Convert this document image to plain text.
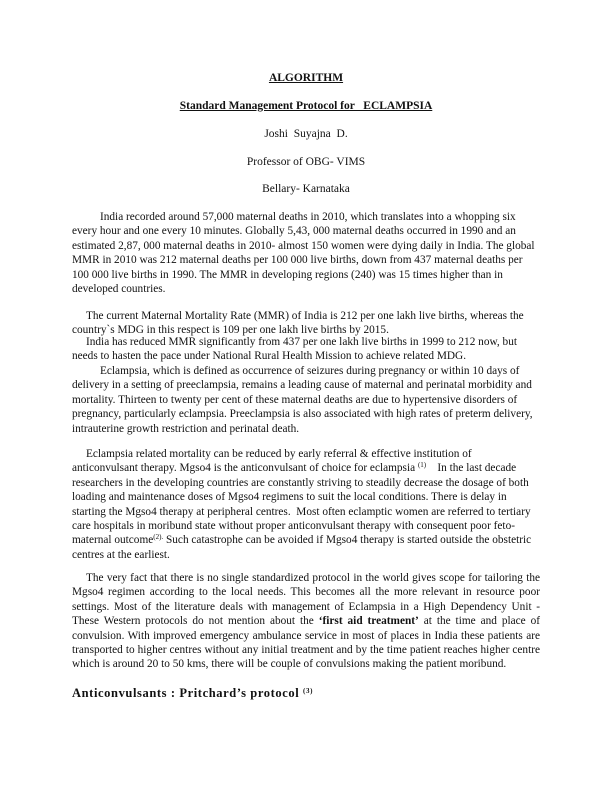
ALGORITHM
Standard Management Protocol for   ECLAMPSIA
Joshi  Suyajna  D.
Professor of OBG- VIMS
Bellary- Karnataka

India recorded around 57,000 maternal deaths in 2010, which translates into a whopping six every hour and one every 10 minutes. Globally 5,43, 000 maternal deaths occurred in 1990 and an estimated 2,87, 000 maternal deaths in 2010- almost 150 women were dying daily in India. The global MMR in 2010 was 212 maternal deaths per 100 000 live births, down from 437 maternal deaths per 100 000 live births in 1990. The MMR in developing regions (240) was 15 times higher than in developed countries.

The current Maternal Mortality Rate (MMR) of India is 212 per one lakh live births, whereas the country`s MDG in this respect is 109 per one lakh live births by 2015.

India has reduced MMR significantly from 437 per one lakh live births in 1999 to 212 now, but needs to hasten the pace under National Rural Health Mission to achieve related MDG.

Eclampsia, which is defined as occurrence of seizures during pregnancy or within 10 days of delivery in a setting of preeclampsia, remains a leading cause of maternal and perinatal morbidity and mortality. Thirteen to twenty per cent of these maternal deaths are due to hypertensive disorders of pregnancy, particularly eclampsia. Preeclampsia is also associated with high rates of preterm delivery, intrauterine growth restriction and perinatal death.

Eclampsia related mortality can be reduced by early referral & effective institution of anticonvulsant therapy. Mgso4 is the anticonvulsant of choice for eclampsia $^{(1)}$    In the last decade researchers in the developing countries are constantly striving to steadily decrease the dosage of both loading and maintenance doses of Mgso4 regimens to suit the local conditions. There is delay in starting the Mgso4 therapy at peripheral centres.  Most often eclamptic women are referred to tertiary care hospitals in moribund state without proper anticonvulsant therapy with consequent poor feto-maternal outcome$^{(2).}$ Such catastrophe can be avoided if Mgso4 therapy is started outside the obstetric centres at the earliest.

The very fact that there is no single standardized protocol in the world gives scope for tailoring the Mgso4 regimen according to the local needs. This becomes all the more relevant in resource poor settings. Most of the literature deals with management of Eclampsia in a High Dependency Unit - These Western protocols do not mention about the ‘first aid treatment’ at the time and place of convulsion. With improved emergency ambulance service in most of places in India these patients are transported to higher centres without any initial treatment and by the time patient reaches higher centre which is around 20 to 50 kms, there will be couple of convulsions making the patient moribund.

Anticonvulsants : Pritchard’s protocol $^{(3)}$
